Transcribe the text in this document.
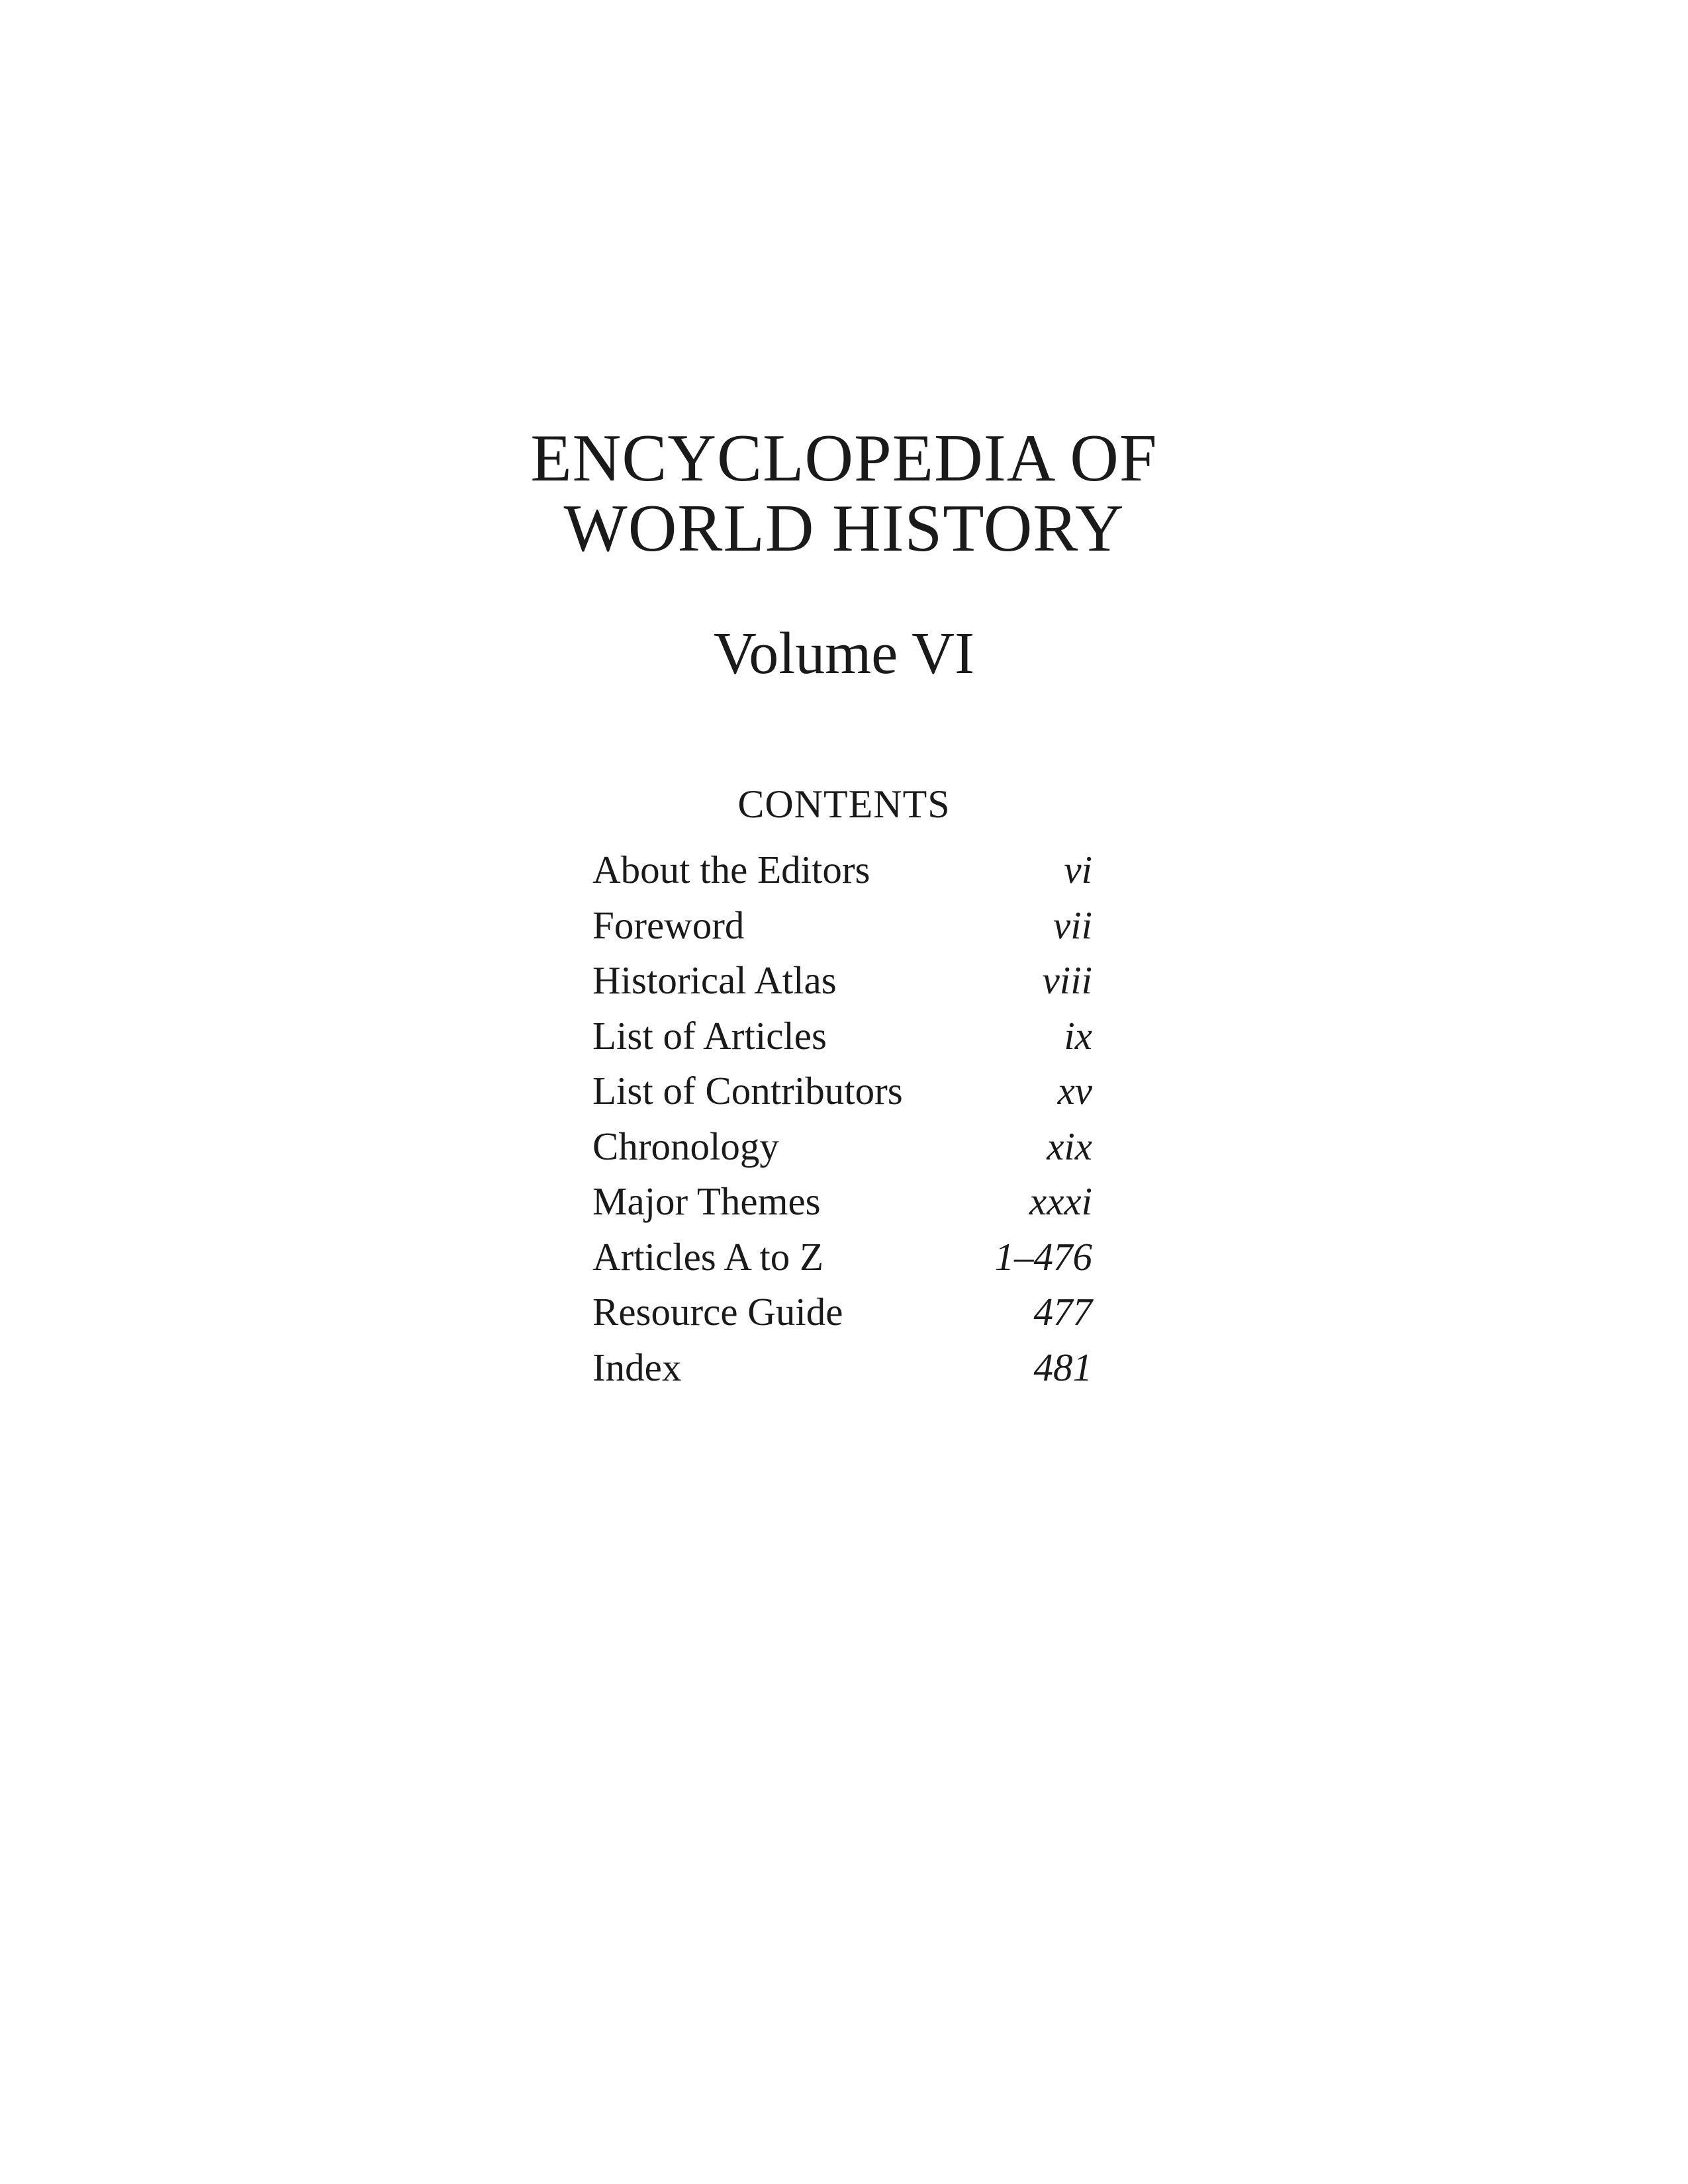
ENCYCLOPEDIA OF
WORLD HISTORY
Volume VI
CONTENTS
About the Editors	vi
Foreword	vii
Historical Atlas	viii
List of Articles	ix
List of Contributors	xv
Chronology	xix
Major Themes	xxxi
Articles A to Z	1–476
Resource Guide	477
Index	481
